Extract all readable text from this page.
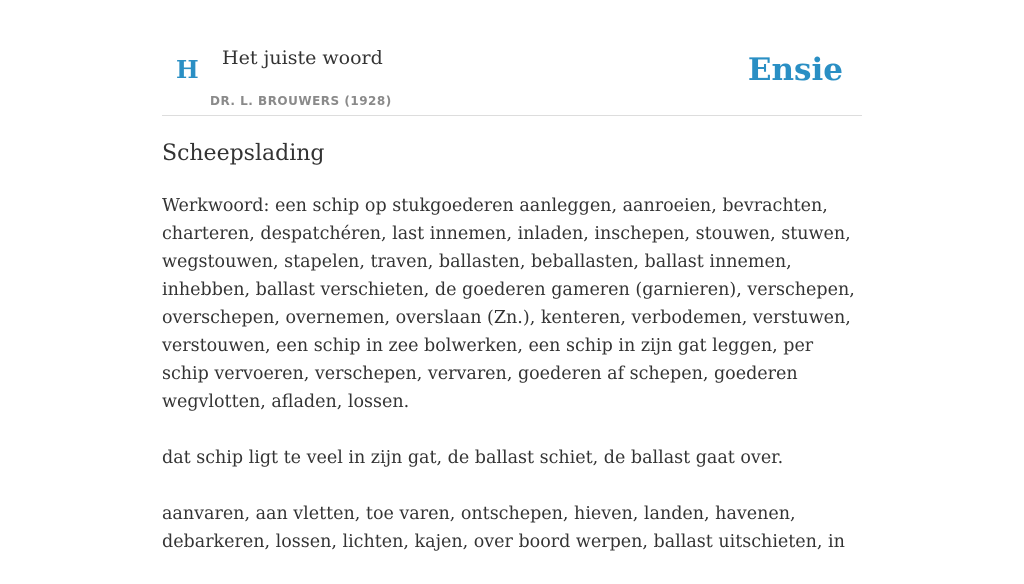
H Het juiste woord
DR. L. BROUWERS (1928)
Ensie
Scheepslading

Werkwoord: een schip op stukgoederen aanleggen, aanroeien, bevrachten, charteren, despatchéren, last innemen, inladen, inschepen, stouwen, stuwen, wegstouwen, stapelen, traven, ballasten, beballasten, ballast innemen, inhebben, ballast verschieten, de goederen gameren (garnieren), verschepen, overschepen, overnemen, overslaan (Zn.), kenteren, verbodemen, verstuwen, verstouwen, een schip in zee bolwerken, een schip in zijn gat leggen, per schip vervoeren, verschepen, vervaren, goederen af schepen, goederen wegvlotten, afladen, lossen.

dat schip ligt te veel in zijn gat, de ballast schiet, de ballast gaat over.

aanvaren, aan vletten, toe varen, ontschepen, hieven, landen, havenen, debarkeren, lossen, lichten, kajen, over boord werpen, ballast uitschieten, in
